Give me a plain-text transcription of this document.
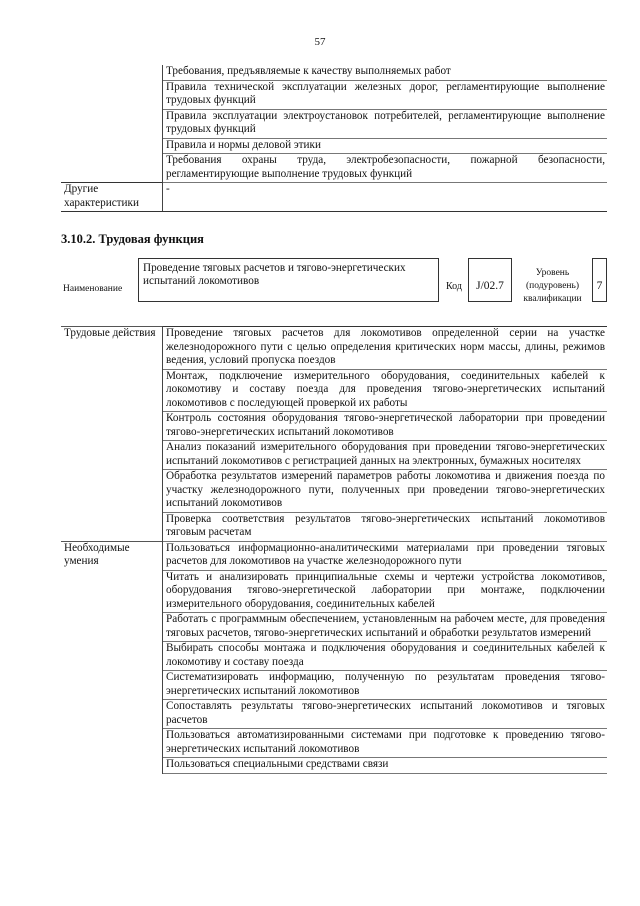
57
	Требования, предъявляемые к качеству выполняемых работ
	Правила технической эксплуатации железных дорог, регламентирующие выполнение трудовых функций
	Правила эксплуатации электроустановок потребителей, регламентирующие выполнение трудовых функций
	Правила и нормы деловой этики
	Требования охраны труда, электробезопасности, пожарной безопасности, регламентирующие выполнение трудовых функций
Другие характеристики	-
3.10.2. Трудовая функция
Наименование
Проведение тяговых расчетов и тягово-энергетических испытаний локомотивов	Код	J/02.7
Уровень (подуровень) квалификации
7
Трудовые действия	Проведение тяговых расчетов для локомотивов определенной серии на участке железнодорожного пути с целью определения критических норм массы, длины, режимов ведения, условий пропуска поездов
	Монтаж, подключение измерительного оборудования, соединительных кабелей к локомотиву и составу поезда для проведения тягово-энергетических испытаний локомотивов с последующей проверкой их работы
	Контроль состояния оборудования тягово-энергетической лаборатории при проведении тягово-энергетических испытаний локомотивов
	Анализ показаний измерительного оборудования при проведении тягово-энергетических испытаний локомотивов с регистрацией данных на электронных, бумажных носителях
	Обработка результатов измерений параметров работы локомотива и движения поезда по участку железнодорожного пути, полученных при проведении тягово-энергетических испытаний локомотивов
	Проверка соответствия результатов тягово-энергетических испытаний локомотивов тяговым расчетам
Необходимые умения	Пользоваться информационно-аналитическими материалами при проведении тяговых расчетов для локомотивов на участке железнодорожного пути
	Читать и анализировать принципиальные схемы и чертежи устройства локомотивов, оборудования тягово-энергетической лаборатории при монтаже, подключении измерительного оборудования, соединительных кабелей
	Работать с программным обеспечением, установленным на рабочем месте, для проведения тяговых расчетов, тягово-энергетических испытаний и обработки результатов измерений
	Выбирать способы монтажа и подключения оборудования и соединительных кабелей к локомотиву и составу поезда
	Систематизировать информацию, полученную по результатам проведения тягово-энергетических испытаний локомотивов
	Сопоставлять результаты тягово-энергетических испытаний локомотивов и тяговых расчетов
	Пользоваться автоматизированными системами при подготовке к проведению тягово-энергетических испытаний локомотивов
	Пользоваться специальными средствами связи
